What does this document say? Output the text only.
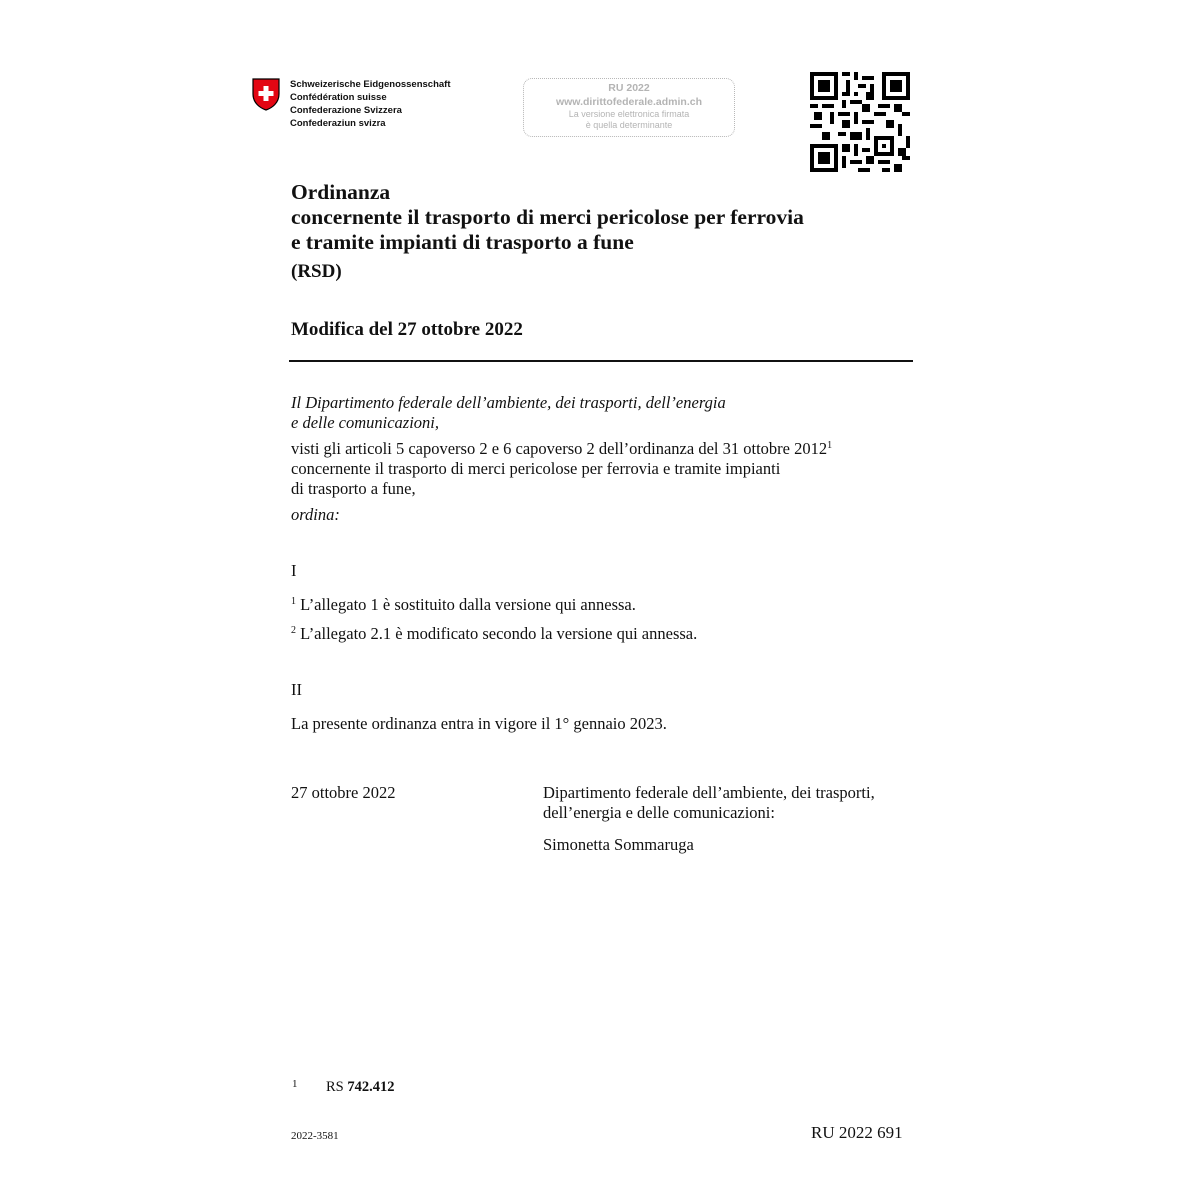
Schweizerische Eidgenossenschaft
Confédération suisse
Confederazione Svizzera
Confederaziun svizra
RU 2022
www.dirittofederale.admin.ch
La versione elettronica firmata
è quella determinante
Ordinanza
concernente il trasporto di merci pericolose per ferrovia
e tramite impianti di trasporto a fune
(RSD)
Modifica del 27 ottobre 2022
Il Dipartimento federale dell’ambiente, dei trasporti, dell’energia
e delle comunicazioni,
visti gli articoli 5 capoverso 2 e 6 capoverso 2 dell’ordinanza del 31 ottobre 2012$^1$
concernente il trasporto di merci pericolose per ferrovia e tramite impianti
di trasporto a fune,
ordina:
I
$^1$ L’allegato 1 è sostituito dalla versione qui annessa.
$^2$ L’allegato 2.1 è modificato secondo la versione qui annessa.
II
La presente ordinanza entra in vigore il 1° gennaio 2023.
27 ottobre 2022	Dipartimento federale dell’ambiente, dei trasporti,
dell’energia e delle comunicazioni:
Simonetta Sommaruga
1 RS 742.412
2022-3581	RU 2022 691
